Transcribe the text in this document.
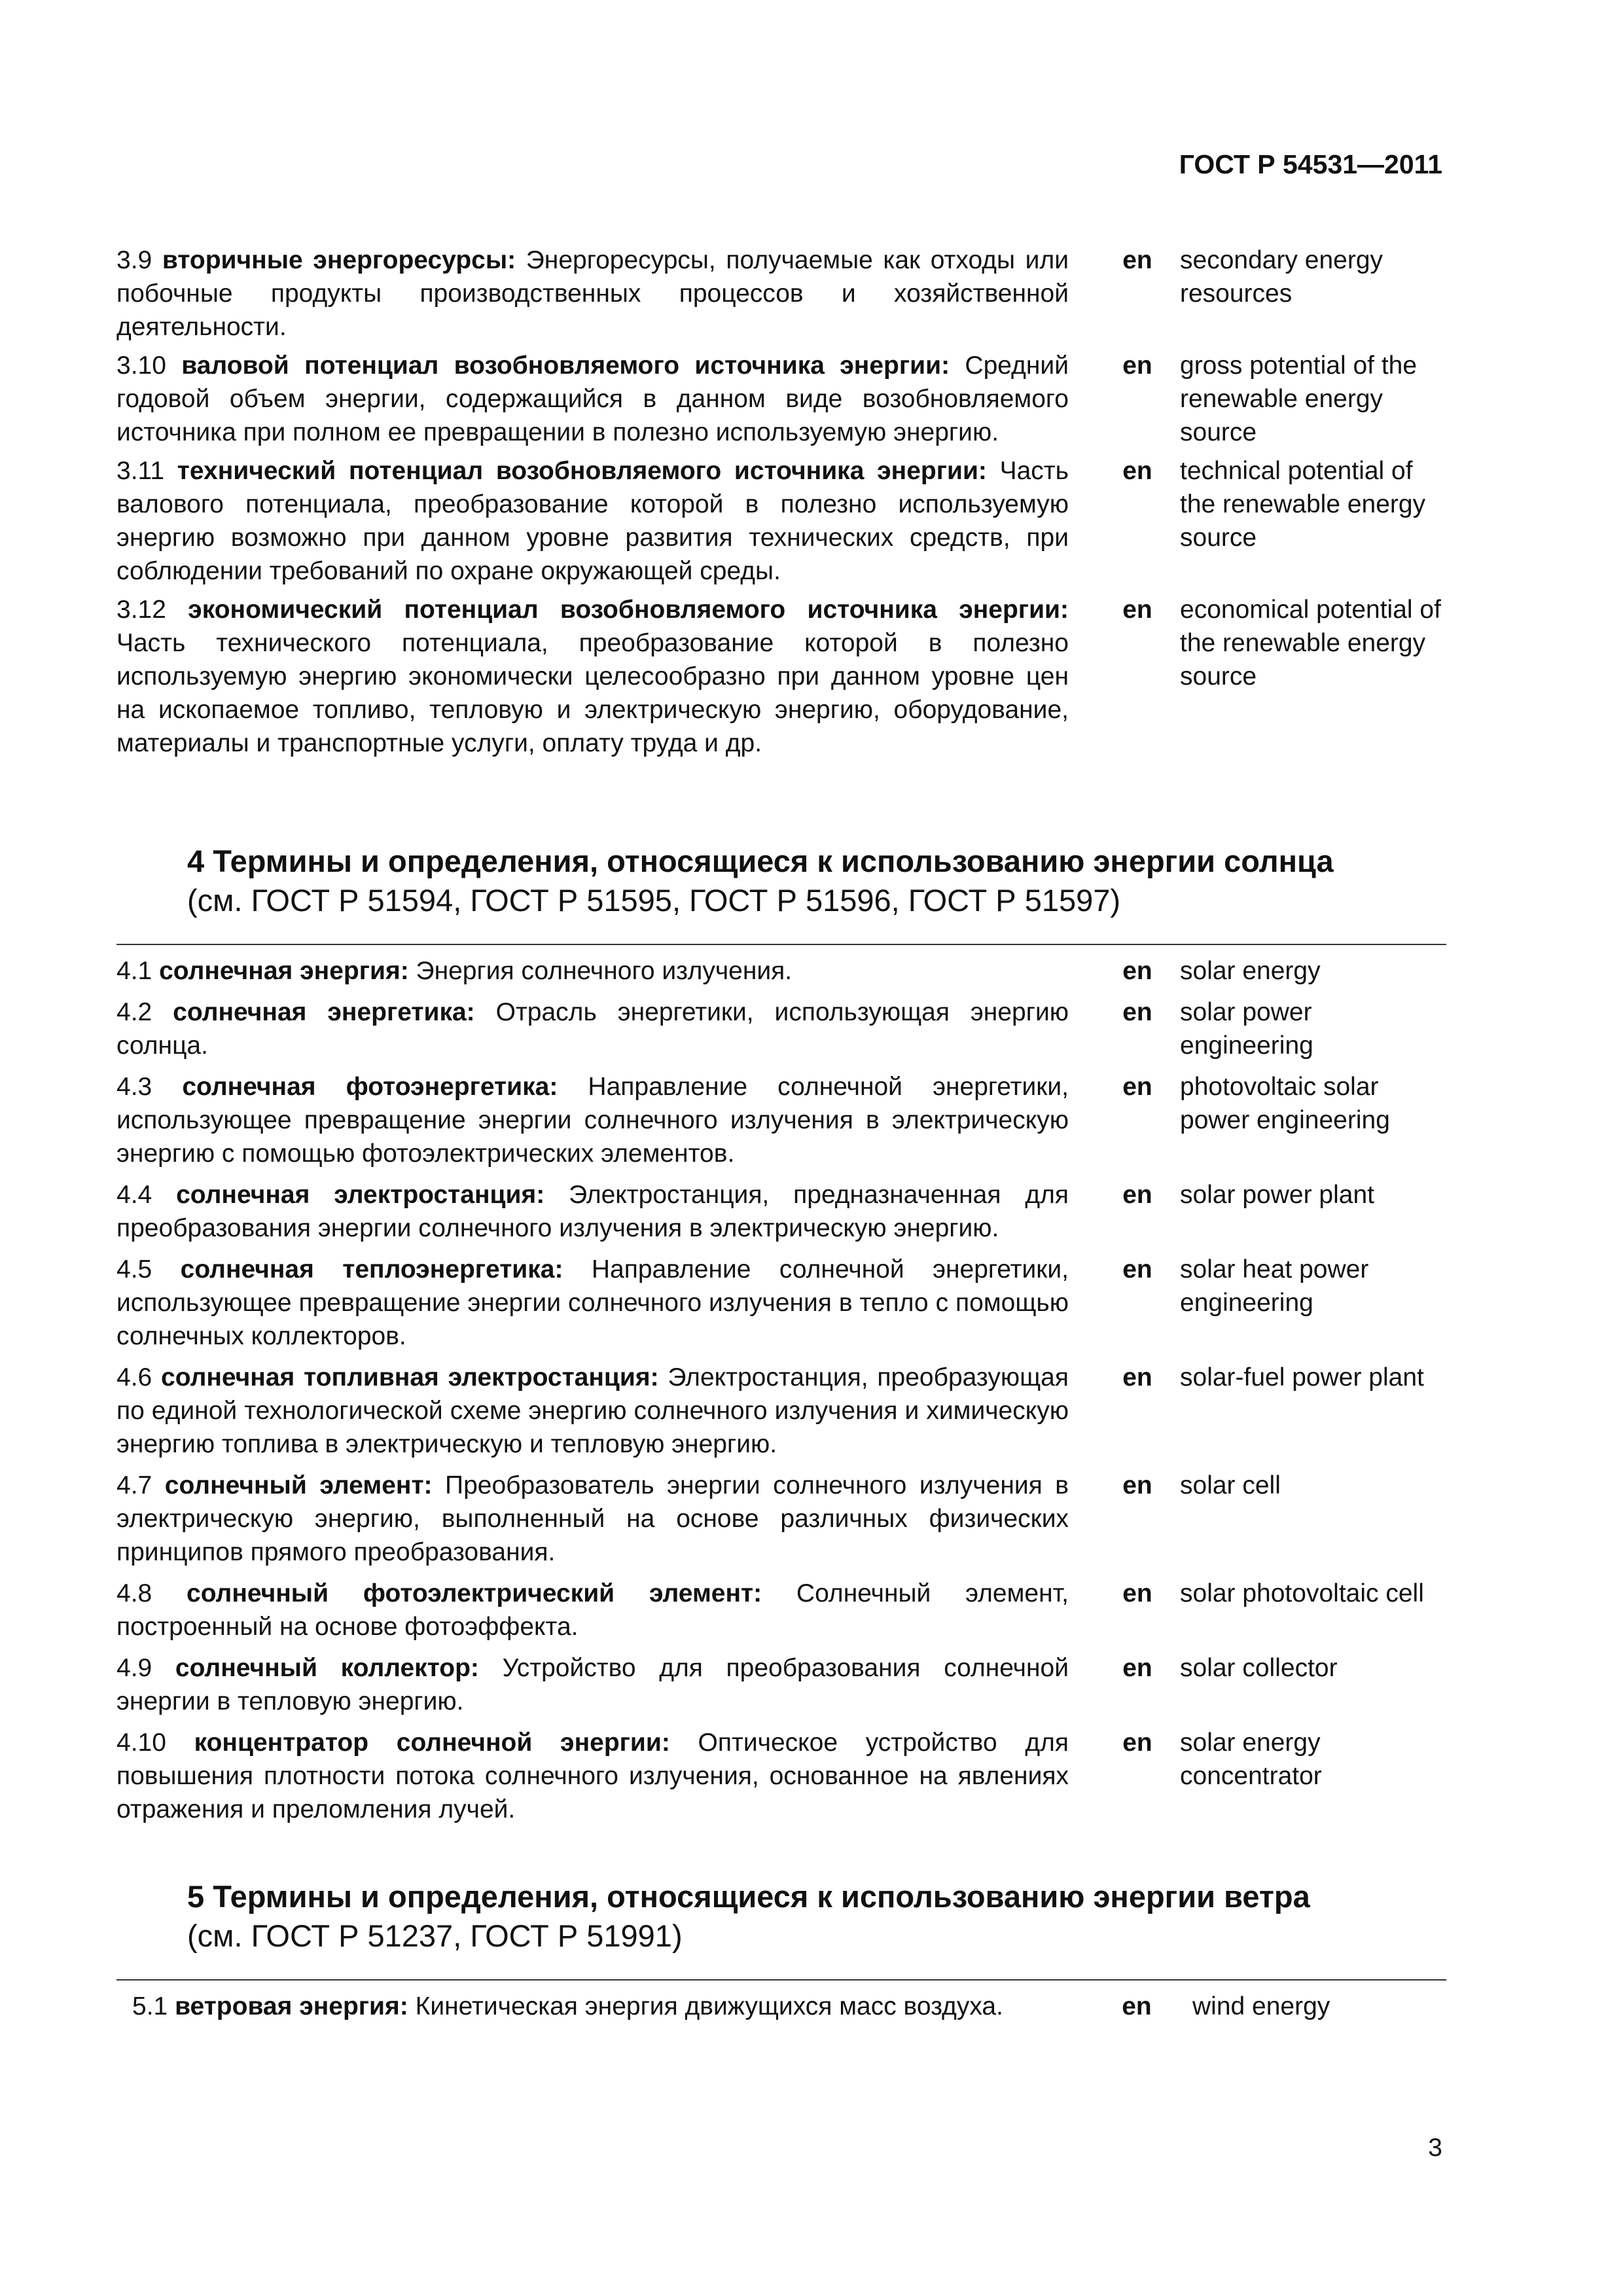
ГОСТ Р 54531—2011
3.9 вторичные энергоресурсы: Энергоресурсы, получаемые как отходы или побочные продукты производственных процессов и хозяйственной деятельности.
en	secondary energy resources
3.10 валовой потенциал возобновляемого источника энергии: Средний годовой объем энергии, содержащийся в данном виде возобновляемого источника при полном ее превращении в полезно используемую энергию.
en	gross potential of the renewable energy source
3.11 технический потенциал возобновляемого источника энергии: Часть валового потенциала, преобразование которой в полезно используемую энергию возможно при данном уровне развития технических средств, при соблюдении требований по охране окружающей среды.
en	technical potential of the renewable energy source
3.12 экономический потенциал возобновляемого источника энергии: Часть технического потенциала, преобразование которой в полезно используемую энергию экономически целесообразно при данном уровне цен на ископаемое топливо, тепловую и электрическую энергию, оборудование, материалы и транспортные услуги, оплату труда и др.
en	economical potential of the renewable energy source
4 Термины и определения, относящиеся к использованию энергии солнца
(см. ГОСТ Р 51594, ГОСТ Р 51595, ГОСТ Р 51596, ГОСТ Р 51597)
4.1 солнечная энергия: Энергия солнечного излучения.	en	solar energy
4.2 солнечная энергетика: Отрасль энергетики, использующая энергию солнца.
en	solar power engineering
4.3 солнечная фотоэнергетика: Направление солнечной энергетики, использующее превращение энергии солнечного излучения в электрическую энергию с помощью фотоэлектрических элементов.
en	photovoltaic solar power engineering
4.4 солнечная электростанция: Электростанция, предназначенная для преобразования энергии солнечного излучения в электрическую энергию.
en	solar power plant
4.5 солнечная теплоэнергетика: Направление солнечной энергетики, использующее превращение энергии солнечного излучения в тепло с помощью солнечных коллекторов.
en	solar heat power engineering
4.6 солнечная топливная электростанция: Электростанция, преобразующая по единой технологической схеме энергию солнечного излучения и химическую энергию топлива в электрическую и тепловую энергию.
en	solar-fuel power plant
4.7 солнечный элемент: Преобразователь энергии солнечного излучения в электрическую энергию, выполненный на основе различных физических принципов прямого преобразования.
en	solar cell
4.8 солнечный фотоэлектрический элемент: Солнечный элемент, построенный на основе фотоэффекта.
en	solar photovoltaic cell
4.9 солнечный коллектор: Устройство для преобразования солнечной энергии в тепловую энергию.
en	solar collector
4.10 концентратор солнечной энергии: Оптическое устройство для повышения плотности потока солнечного излучения, основанное на явлениях отражения и преломления лучей.
en	solar energy concentrator
5 Термины и определения, относящиеся к использованию энергии ветра
(см. ГОСТ Р 51237, ГОСТ Р 51991)
5.1 ветровая энергия: Кинетическая энергия движущихся масс воздуха.	en	wind energy
3
